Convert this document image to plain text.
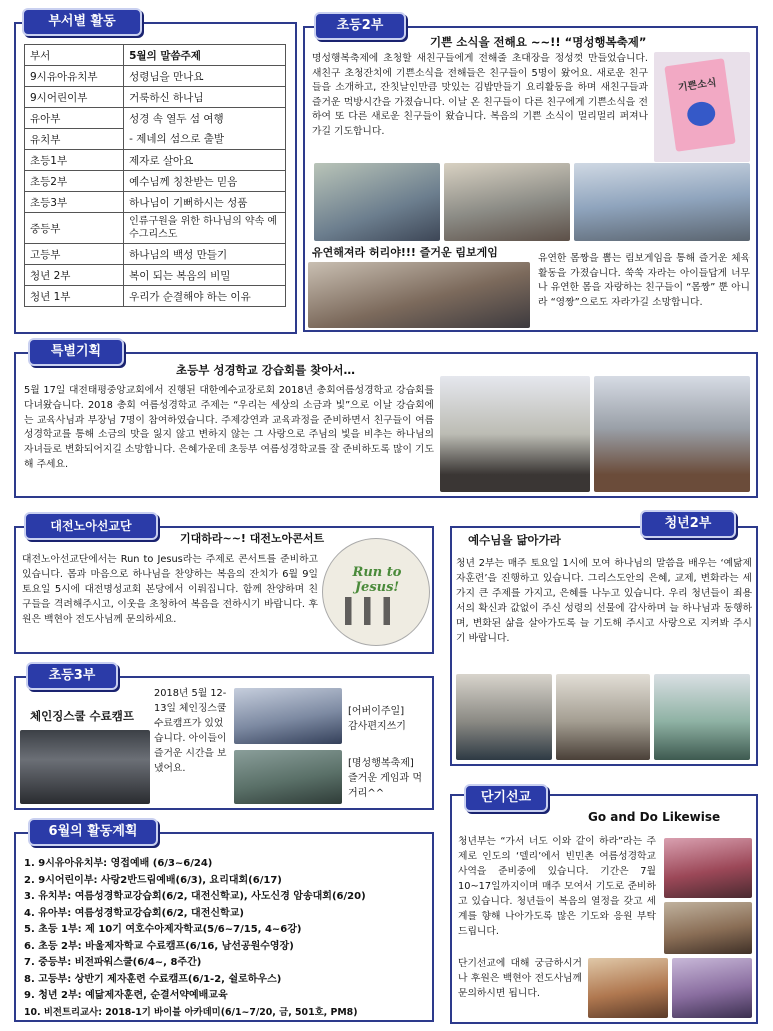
부서별 활동
부서	5월의 말씀주제
9시유아유치부	성령님을 만나요
9시어린이부	거룩하신 하나님
유아부	성경 속 열두 섬 여행
유치부	- 제네의 섬으로 출발
초등1부	제자로 살아요
초등2부	예수님께 칭찬받는 믿음
초등3부	하나님이 기뻐하시는 성품
중등부	인류구원을 위한 하나님의 약속 예수그리스도
고등부	하나님의 백성 만들기
청년 2부	복이 되는 복음의 비밀
청년 1부	우리가 순결해야 하는 이유
초등2부
기쁜 소식을 전해요 ~~!! “명성행복축제”
명성행복축제에 초청할 새친구들에게 전해줄 초대장을 정성껏 만들었습니다. 새친구 초청잔치에 기쁜소식을 전해들은 친구들이 5명이 왔어요. 새로운 친구들을 소개하고, 잔칫날인만큼 맛있는 김밥만들기 요리활동을 하며 새친구들과 즐거운 먹방시간을 가졌습니다. 이날 온 친구들이 다른 친구에게 기쁜소식을 전하여 또 다른 새로운 친구들이 왔습니다. 복음의 기쁜 소식이 멀리멀리 퍼져나가길 기도합니다.
기쁜소식
유연해져라 허리야!!! 즐거운 림보게임	유연한 몸짱을 뽑는 림보게임을 통해 즐거운 체육활동을 가졌습니다. 쑥쑥 자라는 아이들답게 너무나 유연한 몸을 자랑하는 친구들이 “몸짱” 뿐 아니라 “영짱”으로도 자라가길 소망합니다.
특별기획
초등부 성경학교 강습회를 찾아서…
5월 17일 대전태평중앙교회에서 진행된 대한예수교장로회 2018년 총회여름성경학교 강습회를 다녀왔습니다. 2018 총회 여름성경학교 주제는 “우리는 세상의 소금과 빛”으로 이날 강습회에는 교육사님과 부장님 7명이 참여하였습니다. 주제강연과 교육과정을 준비하면서 친구들이 여름성경학교를 통해 소금의 맛을 잃지 않고 변하지 않는 그 사랑으로 주님의 빛을 비추는 하나님의 자녀들로 변화되어지길 소망합니다. 은혜가운데 초등부 여름성경학교를 잘 준비하도록 많이 기도해 주세요.
대전노아선교단
기대하라~~! 대전노아콘서트
대전노아선교단에서는 Run to Jesus라는 주제로 콘서트를 준비하고 있습니다. 몸과 마음으로 하나님을 찬양하는 복음의 잔치가 6월 9일 토요일 5시에 대전명성교회 본당에서 이뤄집니다. 함께 찬양하며 친구들을 격려해주시고, 이웃을 초청하여 복음을 전하시기 바랍니다. 후원은 백현아 전도사님께 문의하세요.
Run to Jesus!
청년2부
예수님을 닮아가라
청년 2부는 매주 토요일 1시에 모여 하나님의 말씀을 배우는 ‘예닮제자훈련’을 진행하고 있습니다. 그리스도안의 은혜, 교제, 변화라는 세가지 큰 주제를 가지고, 은혜를 나누고 있습니다. 우리 청년들이 죄용서의 확신과 값없이 주신 성령의 선물에 감사하며 늘 하나님과 동행하며, 변화된 삶을 살아가도록 늘 기도해 주시고 사랑으로 지켜봐 주시기 바랍니다.
초등3부
체인징스쿨 수료캠프
2018년 5월 12-13일 체인징스쿨 수료캠프가 있었습니다. 아이들이 즐거운 시간을 보냈어요.
[어버이주일]
감사편지쓰기
[명성행복축제]
즐거운 게임과 먹거리^^
6월의 활동계획
1. 9시유아유치부: 영접예배 (6/3~6/24)
2. 9시어린이부: 사랑2반드림예배(6/3), 요리대회(6/17)
3. 유치부: 여름성경학교강습회(6/2, 대전신학교), 사도신경 암송대회(6/20)
4. 유아부: 여름성경학교강습회(6/2, 대전신학교)
5. 초등 1부: 제 10기 여호수아제자학교(5/6~7/15, 4~6강)
6. 초등 2부: 바울제자학교 수료캠프(6/16, 남선공원수영장)
7. 중등부: 비전파워스쿨(6/4~, 8주간)
8. 고등부: 상반기 제자훈련 수료캠프(6/1-2, 쉴로하우스)
9. 청년 2부: 예닮제자훈련, 순결서약예배교육
10. 비전트리교사: 2018-1기 바이블 아카데미(6/1~7/20, 금, 501호, PM8)
단기선교
Go and Do Likewise
청년부는 “가서 너도 이와 같이 하라”라는 주제로 인도의 ‘델리’에서 빈민촌 여름성경학교 사역을 준비중에 있습니다. 기간은 7월 10~17일까지이며 매주 모여서 기도로 준비하고 있습니다. 청년들이 복음의 열정을 갖고 세계를 향해 나아가도록 많은 기도와 응원 부탁드립니다.
단기선교에 대해 궁금하시거나 후원은 백현아 전도사님께 문의하시면 됩니다.
